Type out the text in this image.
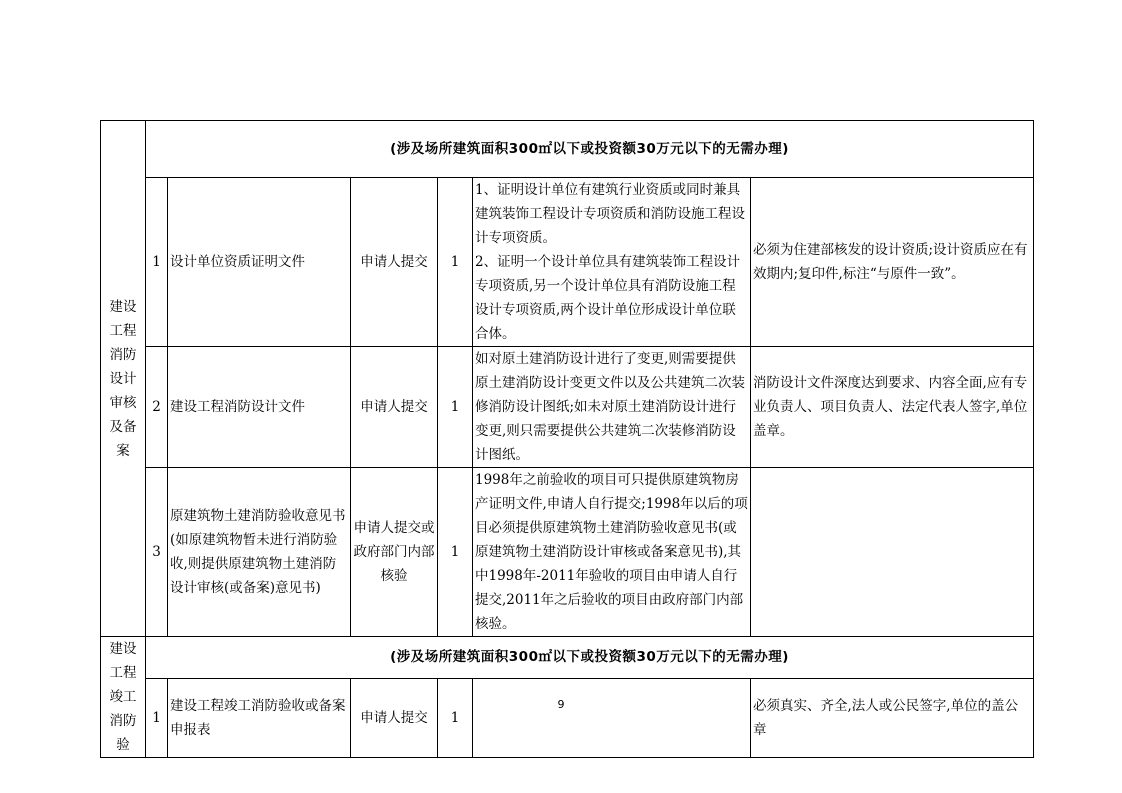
建设工程消防设计审核及备案	(涉及场所建筑面积300㎡以下或投资额30万元以下的无需办理)					
	1	设计单位资质证明文件	申请人提交	1	1、证明设计单位有建筑行业资质或同时兼具建筑装饰工程设计专项资质和消防设施工程设计专项资质。
2、证明一个设计单位具有建筑装饰工程设计专项资质,另一个设计单位具有消防设施工程设计专项资质,两个设计单位形成设计单位联合体。	必须为住建部核发的设计资质;设计资质应在有效期内;复印件,标注“与原件一致”。
	2	建设工程消防设计文件	申请人提交	1	如对原土建消防设计进行了变更,则需要提供原土建消防设计变更文件以及公共建筑二次装修消防设计图纸;如未对原土建消防设计进行变更,则只需要提供公共建筑二次装修消防设计图纸。	消防设计文件深度达到要求、内容全面,应有专业负责人、项目负责人、法定代表人签字,单位盖章。
	3	原建筑物土建消防验收意见书(如原建筑物暂未进行消防验收,则提供原建筑物土建消防设计审核(或备案)意见书)	申请人提交或政府部门内部核验	1	1998年之前验收的项目可只提供原建筑物房产证明文件,申请人自行提交;1998年以后的项目必须提供原建筑物土建消防验收意见书(或原建筑物土建消防设计审核或备案意见书),其中1998年-2011年验收的项目由申请人自行提交,2011年之后验收的项目由政府部门内部核验。	
建设工程竣工消防验	(涉及场所建筑面积300㎡以下或投资额30万元以下的无需办理)					
	1	建设工程竣工消防验收或备案申报表	申请人提交	1		必须真实、齐全,法人或公民签字,单位的盖公章
9
